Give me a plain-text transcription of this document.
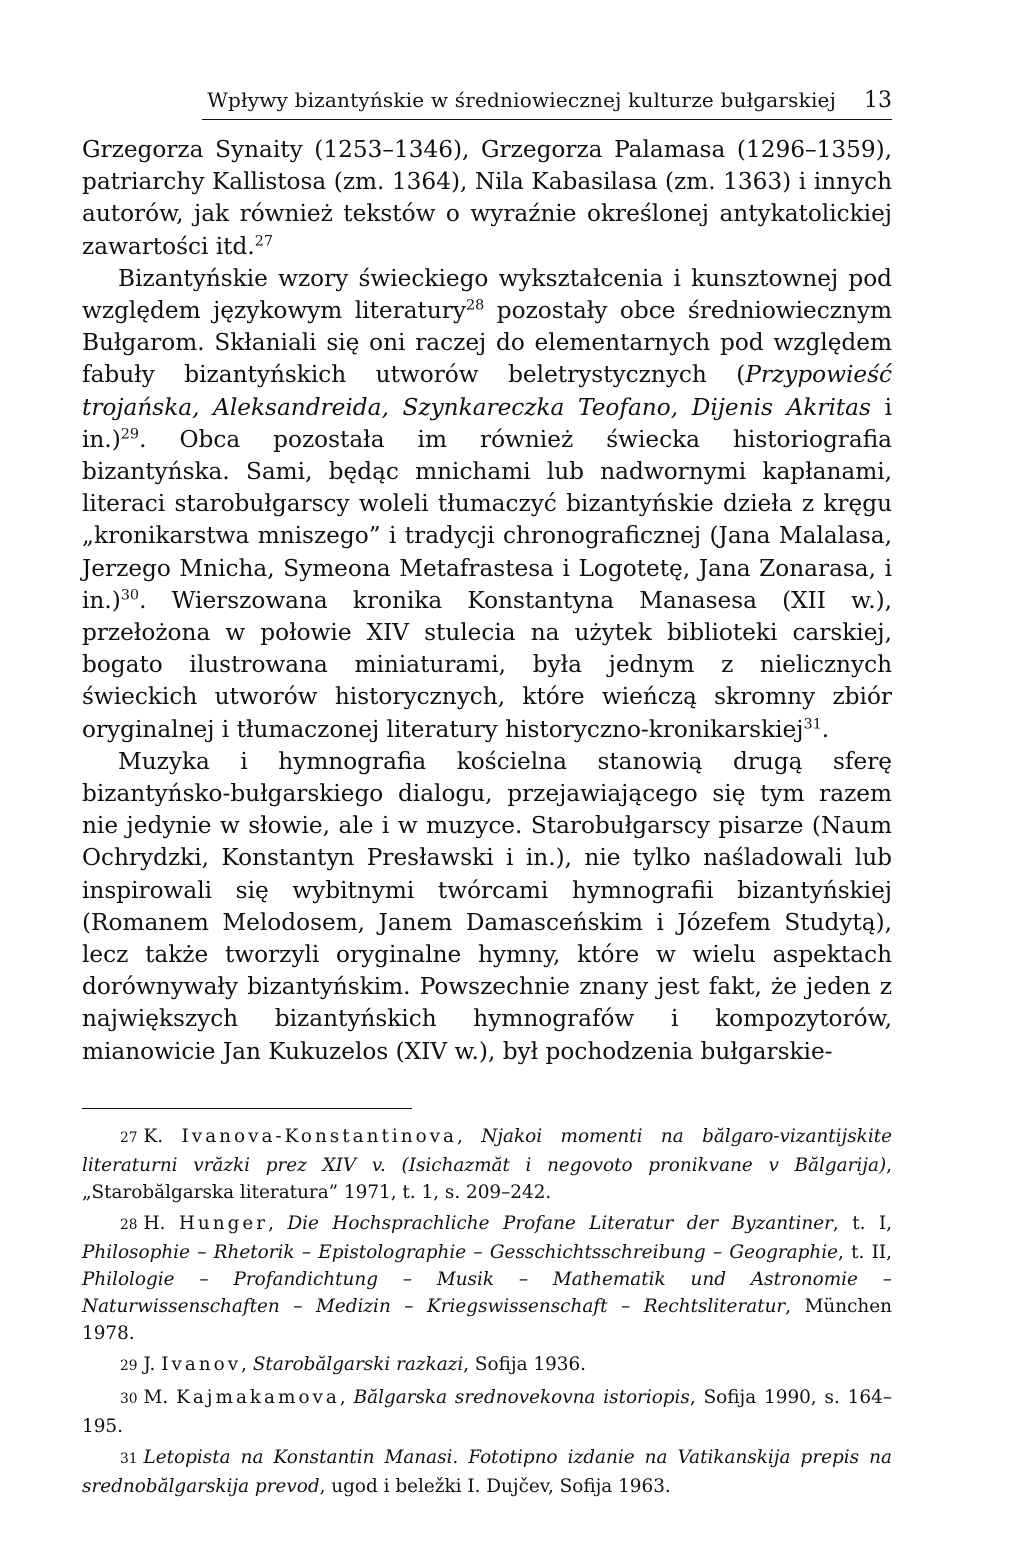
Wpływy bizantyńskie w średniowiecznej kulturze bułgarskiej 13

Grzegorza Synaity (1253–1346), Grzegorza Palamasa (1296–1359), patriarchy Kallistosa (zm. 1364), Nila Kabasilasa (zm. 1363) i innych autorów, jak również tekstów o wyraźnie określonej antykatolickiej zawartości itd.$^{27}$

Bizantyńskie wzory świeckiego wykształcenia i kunsztownej pod względem językowym literatury$^{28}$ pozostały obce średniowiecznym Bułgarom. Skłaniali się oni raczej do elementarnych pod względem fabuły bizantyńskich utworów beletrystycznych (Przypowieść trojańska, Aleksandreida, Szynkareczka Teofano, Dijenis Akritas i in.)$^{29}$. Obca pozostała im również świecka historiografia bizantyńska. Sami, będąc mnichami lub nadwornymi kapłanami, literaci starobułgarscy woleli tłumaczyć bizantyńskie dzieła z kręgu „kronikarstwa mniszego” i tradycji chronograficznej (Jana Malalasa, Jerzego Mnicha, Symeona Metafrastesa i Logotetę, Jana Zonarasa, i in.)$^{30}$. Wierszowana kronika Konstantyna Manasesa (XII w.), przełożona w połowie XIV stulecia na użytek biblioteki carskiej, bogato ilustrowana miniaturami, była jednym z nielicznych świeckich utworów historycznych, które wieńczą skromny zbiór oryginalnej i tłumaczonej literatury historyczno-kronikarskiej$^{31}$.

Muzyka i hymnografia kościelna stanowią drugą sferę bizantyńsko-bułgarskiego dialogu, przejawiającego się tym razem nie jedynie w słowie, ale i w muzyce. Starobułgarscy pisarze (Naum Ochrydzki, Konstantyn Presławski i in.), nie tylko naśladowali lub inspirowali się wybitnymi twórcami hymnografii bizantyńskiej (Romanem Melodosem, Janem Damasceńskim i Józefem Studytą), lecz także tworzyli oryginalne hymny, które w wielu aspektach dorównywały bizantyńskim. Powszechnie znany jest fakt, że jeden z największych bizantyńskich hymnografów i kompozytorów, mianowicie Jan Kukuzelos (XIV w.), był pochodzenia bułgarskie-

27 K. Ivanova-Konstantinova, Njakoi momenti na bălgaro-vizantijskite literaturni vrăzki prez XIV v. (Isichazmăt i negovoto pronikvane v Bălgarija), „Starobălgarska literatura” 1971, t. 1, s. 209–242.

28 H. Hunger, Die Hochsprachliche Profane Literatur der Byzantiner, t. I, Philosophie – Rhetorik – Epistolographie – Gesschichtsschreibung – Geographie, t. II, Philologie – Profandichtung – Musik – Mathematik und Astronomie – Naturwissenschaften – Medizin – Kriegswissenschaft – Rechtsliteratur, München 1978.

29 J. Ivanov, Starobălgarski razkazi, Sofija 1936.

30 M. Kajmakamova, Bălgarska srednovekovna istoriopis, Sofija 1990, s. 164–195.

31 Letopista na Konstantin Manasi. Fototipno izdanie na Vatikanskija prepis na srednobălgarskija prevod, ugod i beležki I. Dujčev, Sofija 1963.
